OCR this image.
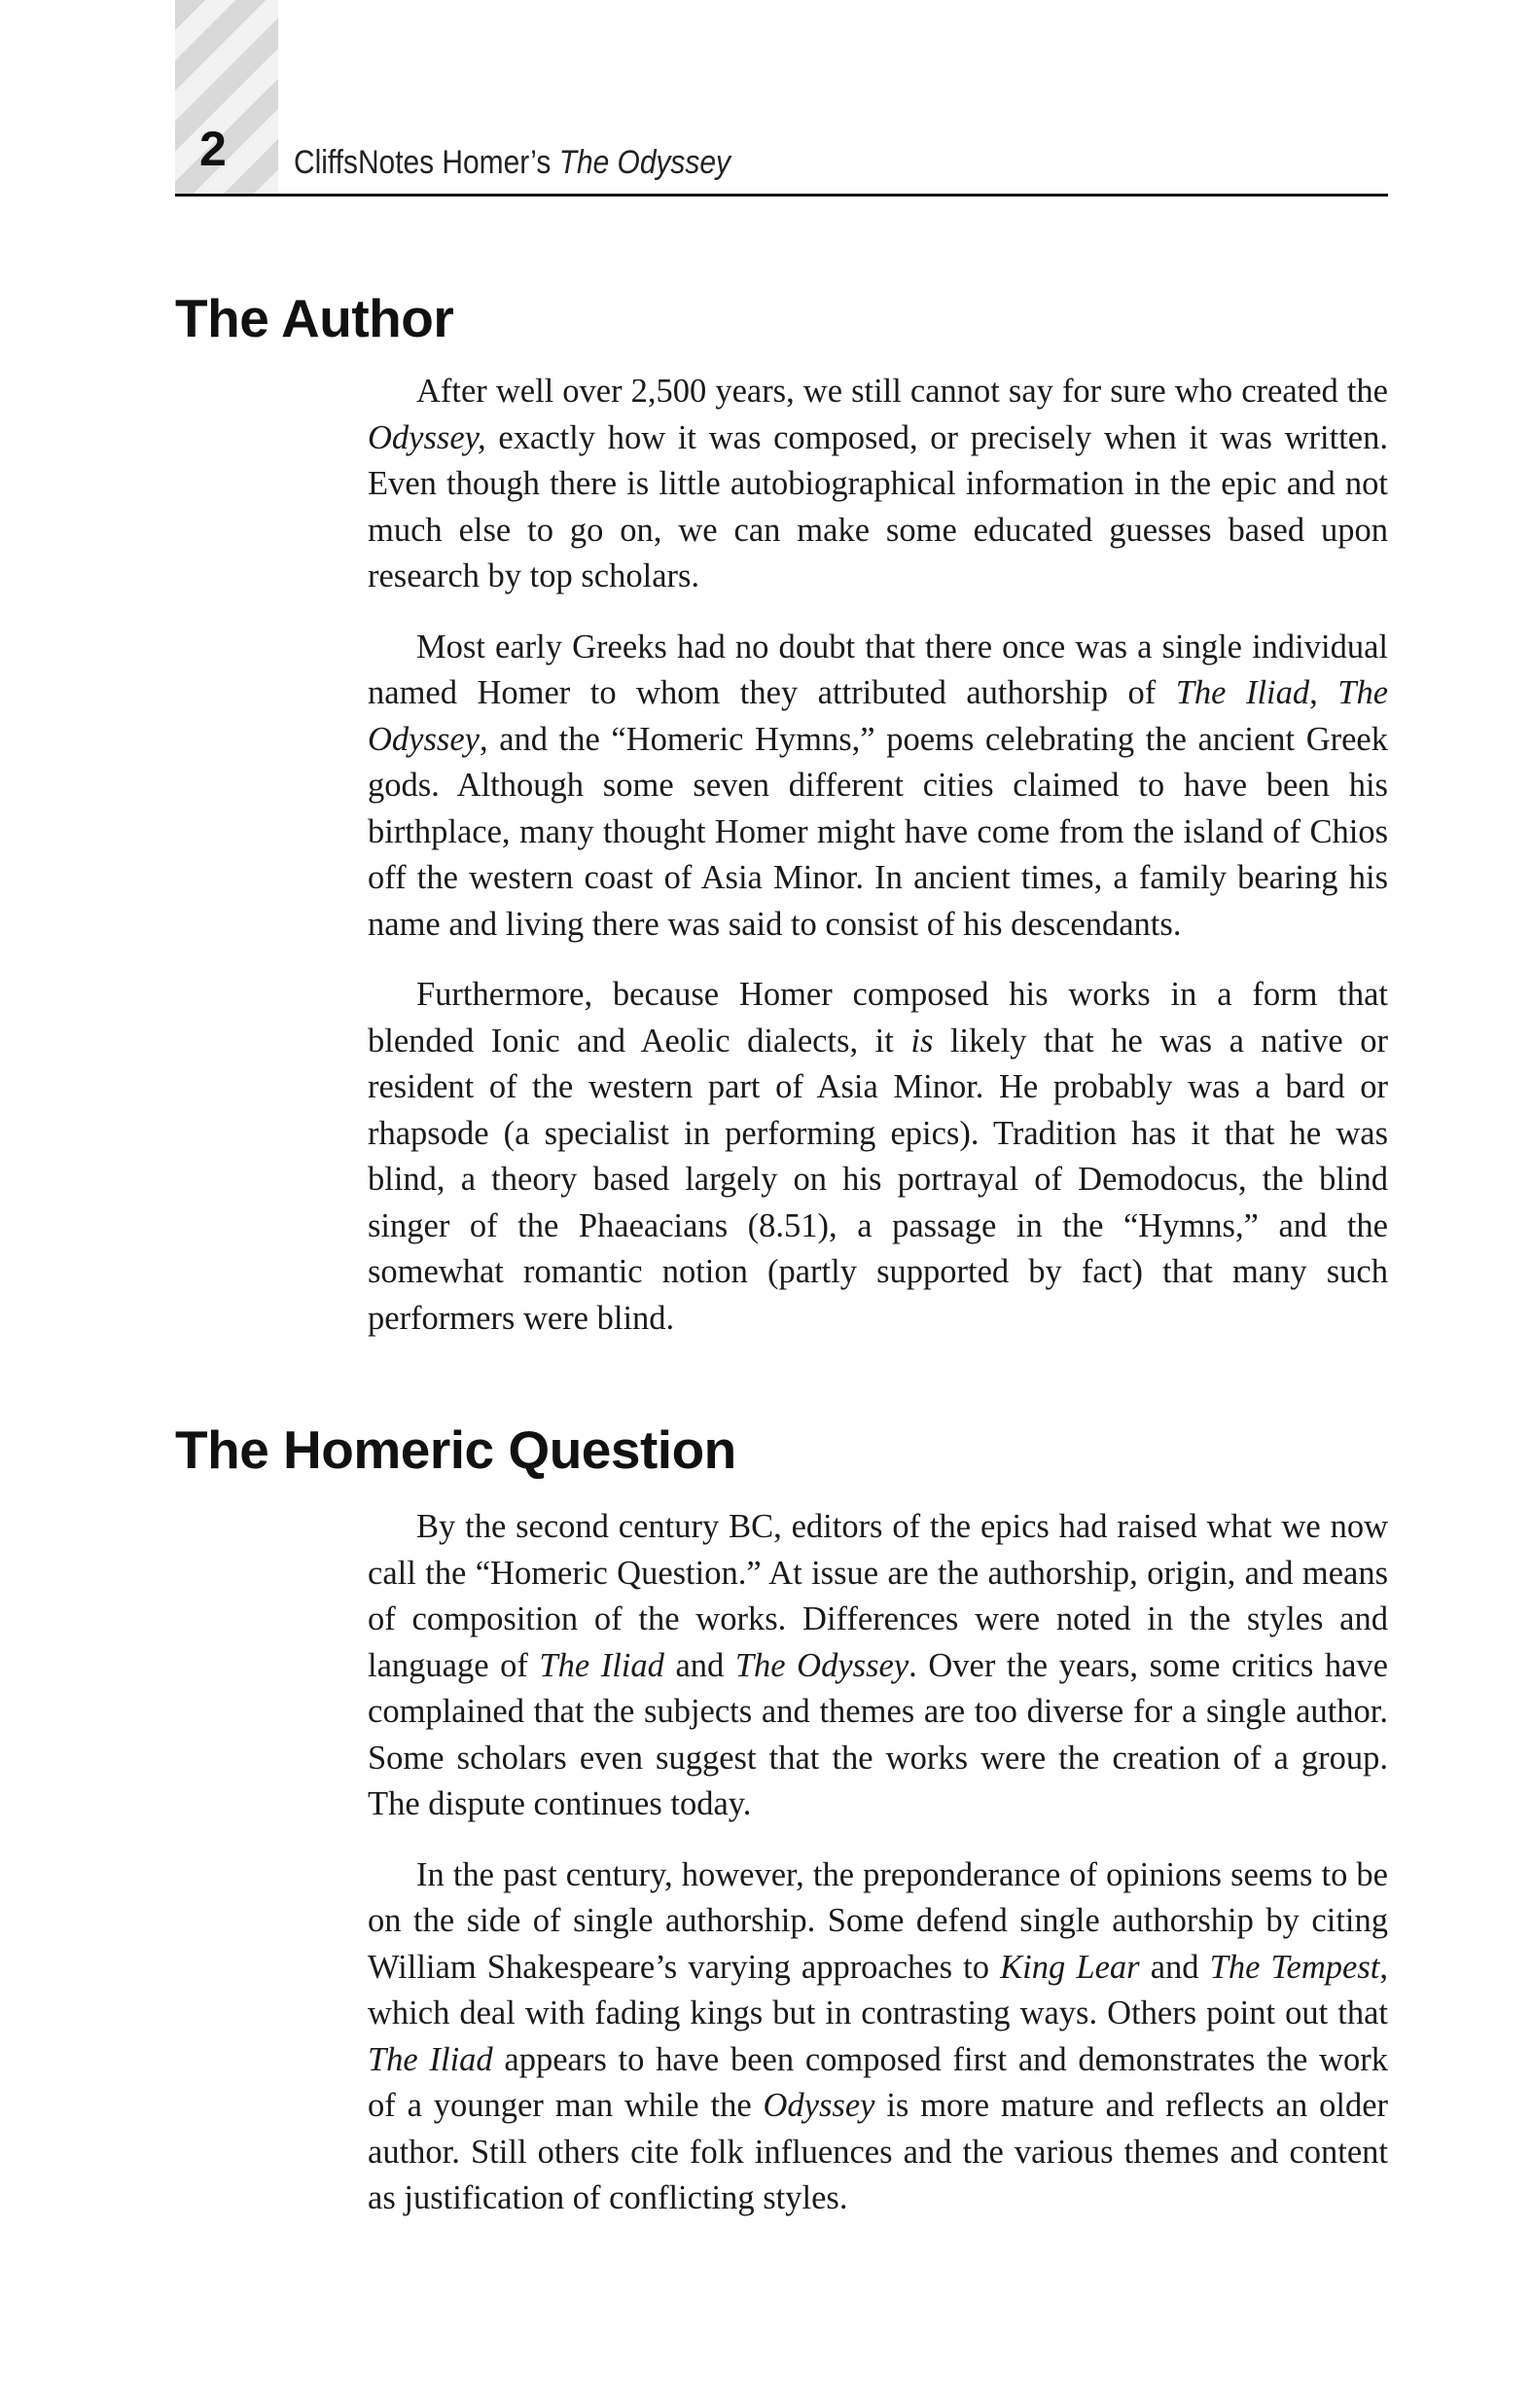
2 CliffsNotes Homer’s The Odyssey
The Author

After well over 2,500 years, we still cannot say for sure who created the Odyssey, exactly how it was composed, or precisely when it was written. Even though there is little autobiographical information in the epic and not much else to go on, we can make some educated guesses based upon research by top scholars.

Most early Greeks had no doubt that there once was a single individual named Homer to whom they attributed authorship of The Iliad, The Odyssey, and the “Homeric Hymns,” poems celebrating the ancient Greek gods. Although some seven different cities claimed to have been his birthplace, many thought Homer might have come from the island of Chios off the western coast of Asia Minor. In ancient times, a family bearing his name and living there was said to consist of his descendants.

Furthermore, because Homer composed his works in a form that blended Ionic and Aeolic dialects, it is likely that he was a native or resident of the western part of Asia Minor. He probably was a bard or rhapsode (a specialist in performing epics). Tradition has it that he was blind, a theory based largely on his portrayal of Demodocus, the blind singer of the Phaeacians (8.51), a passage in the “Hymns,” and the somewhat romantic notion (partly supported by fact) that many such performers were blind.

The Homeric Question

By the second century BC, editors of the epics had raised what we now call the “Homeric Question.” At issue are the authorship, origin, and means of composition of the works. Differences were noted in the styles and language of The Iliad and The Odyssey. Over the years, some critics have complained that the subjects and themes are too diverse for a single author. Some scholars even suggest that the works were the creation of a group. The dispute continues today.

In the past century, however, the preponderance of opinions seems to be on the side of single authorship. Some defend single authorship by citing William Shakespeare’s varying approaches to King Lear and The Tempest, which deal with fading kings but in contrasting ways. Others point out that The Iliad appears to have been composed first and demonstrates the work of a younger man while the Odyssey is more mature and reflects an older author. Still others cite folk influences and the various themes and content as justification of conflicting styles.
